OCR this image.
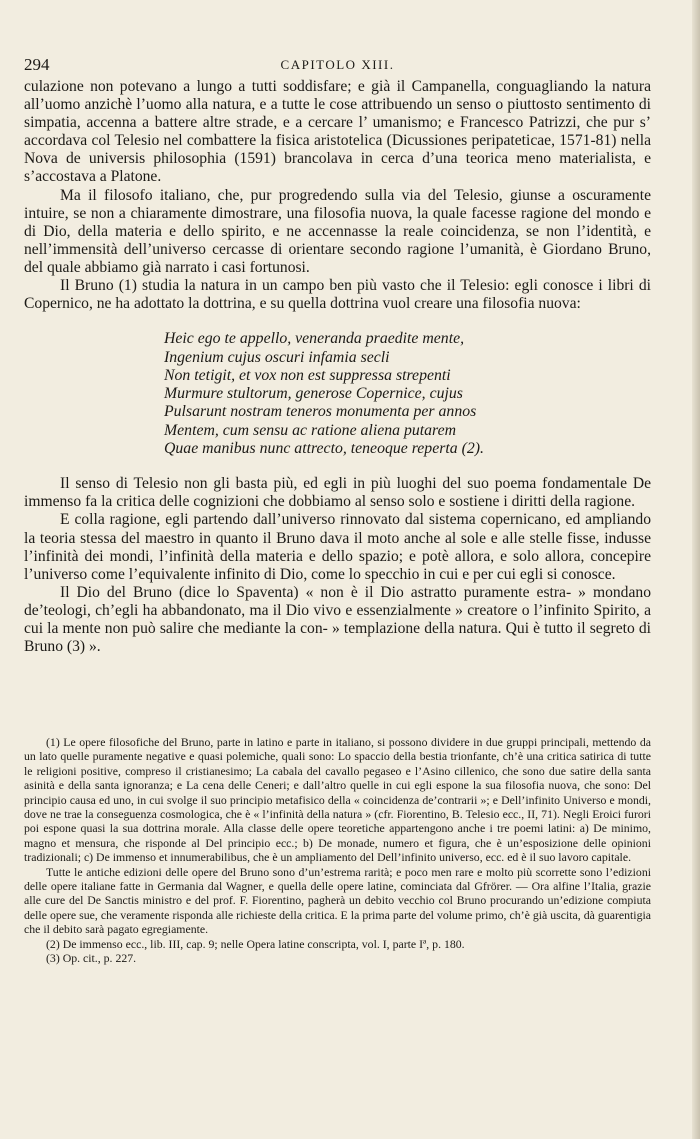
294	CAPITOLO XIII.

culazione non potevano a lungo a tutti soddisfare; e già il Campanella, conguagliando la natura all’uomo anzichè l’uomo alla natura, e a tutte le cose attribuendo un senso o piuttosto sentimento di simpatia, accenna a battere altre strade, e a cercare l’ umanismo; e Francesco Patrizzi, che pur s’ accordava col Telesio nel combattere la fisica aristotelica (Dicussiones peripateticae, 1571-81) nella Nova de universis philosophia (1591) brancolava in cerca d’una teorica meno materialista, e s’accostava a Platone.

Ma il filosofo italiano, che, pur progredendo sulla via del Telesio, giunse a oscuramente intuire, se non a chiaramente dimostrare, una filosofia nuova, la quale facesse ragione del mondo e di Dio, della materia e dello spirito, e ne accennasse la reale coincidenza, se non l’identità, e nell’immensità dell’universo cercasse di orientare secondo ragione l’umanità, è Giordano Bruno, del quale abbiamo già narrato i casi fortunosi.

Il Bruno (1) studia la natura in un campo ben più vasto che il Telesio: egli conosce i libri di Copernico, ne ha adottato la dottrina, e su quella dottrina vuol creare una filosofia nuova:

Heic ego te appello, veneranda praedite mente,
Ingenium cujus oscuri infamia secli
Non tetigit, et vox non est suppressa strepenti
Murmure stultorum, generose Copernice, cujus
Pulsarunt nostram teneros monumenta per annos
Mentem, cum sensu ac ratione aliena putarem
Quae manibus nunc attrecto, teneoque reperta (2).

Il senso di Telesio non gli basta più, ed egli in più luoghi del suo poema fondamentale De immenso fa la critica delle cognizioni che dobbiamo al senso solo e sostiene i diritti della ragione.

E colla ragione, egli partendo dall’universo rinnovato dal sistema copernicano, ed ampliando la teoria stessa del maestro in quanto il Bruno dava il moto anche al sole e alle stelle fisse, indusse l’infinità dei mondi, l’infinità della materia e dello spazio; e potè allora, e solo allora, concepire l’universo come l’equivalente infinito di Dio, come lo specchio in cui e per cui egli si conosce.

Il Dio del Bruno (dice lo Spaventa) « non è il Dio astratto puramente estra- » mondano de’teologi, ch’egli ha abbandonato, ma il Dio vivo e essenzialmente » creatore o l’infinito Spirito, a cui la mente non può salire che mediante la con- » templazione della natura. Qui è tutto il segreto di Bruno (3) ».

(1) Le opere filosofiche del Bruno, parte in latino e parte in italiano, si possono dividere in due gruppi principali, mettendo da un lato quelle puramente negative e quasi polemiche, quali sono: Lo spaccio della bestia trionfante, ch’è una critica satirica di tutte le religioni positive, compreso il cristianesimo; La cabala del cavallo pegaseo e l’Asino cillenico, che sono due satire della santa asinità e della santa ignoranza; e La cena delle Ceneri; e dall’altro quelle in cui egli espone la sua filosofia nuova, che sono: Del principio causa ed uno, in cui svolge il suo principio metafisico della « coincidenza de’contrarii »; e Dell’infinito Universo e mondi, dove ne trae la conseguenza cosmologica, che è « l’infinità della natura » (cfr. Fiorentino, B. Telesio ecc., II, 71). Negli Eroici furori poi espone quasi la sua dottrina morale. Alla classe delle opere teoretiche appartengono anche i tre poemi latini: a) De minimo, magno et mensura, che risponde al Del principio ecc.; b) De monade, numero et figura, che è un’esposizione delle opinioni tradizionali; c) De immenso et innumerabilibus, che è un ampliamento del Dell’infinito universo, ecc. ed è il suo lavoro capitale.

Tutte le antiche edizioni delle opere del Bruno sono d’un’estrema rarità; e poco men rare e molto più scorrette sono l’edizioni delle opere italiane fatte in Germania dal Wagner, e quella delle opere latine, cominciata dal Gfrörer. — Ora alfine l’Italia, grazie alle cure del De Sanctis ministro e del prof. F. Fiorentino, pagherà un debito vecchio col Bruno procurando un’edizione compiuta delle opere sue, che veramente risponda alle richieste della critica. E la prima parte del volume primo, ch’è già uscita, dà guarentigia che il debito sarà pagato egregiamente.

(2) De immenso ecc., lib. III, cap. 9; nelle Opera latine conscripta, vol. I, parte Iª, p. 180.

(3) Op. cit., p. 227.
